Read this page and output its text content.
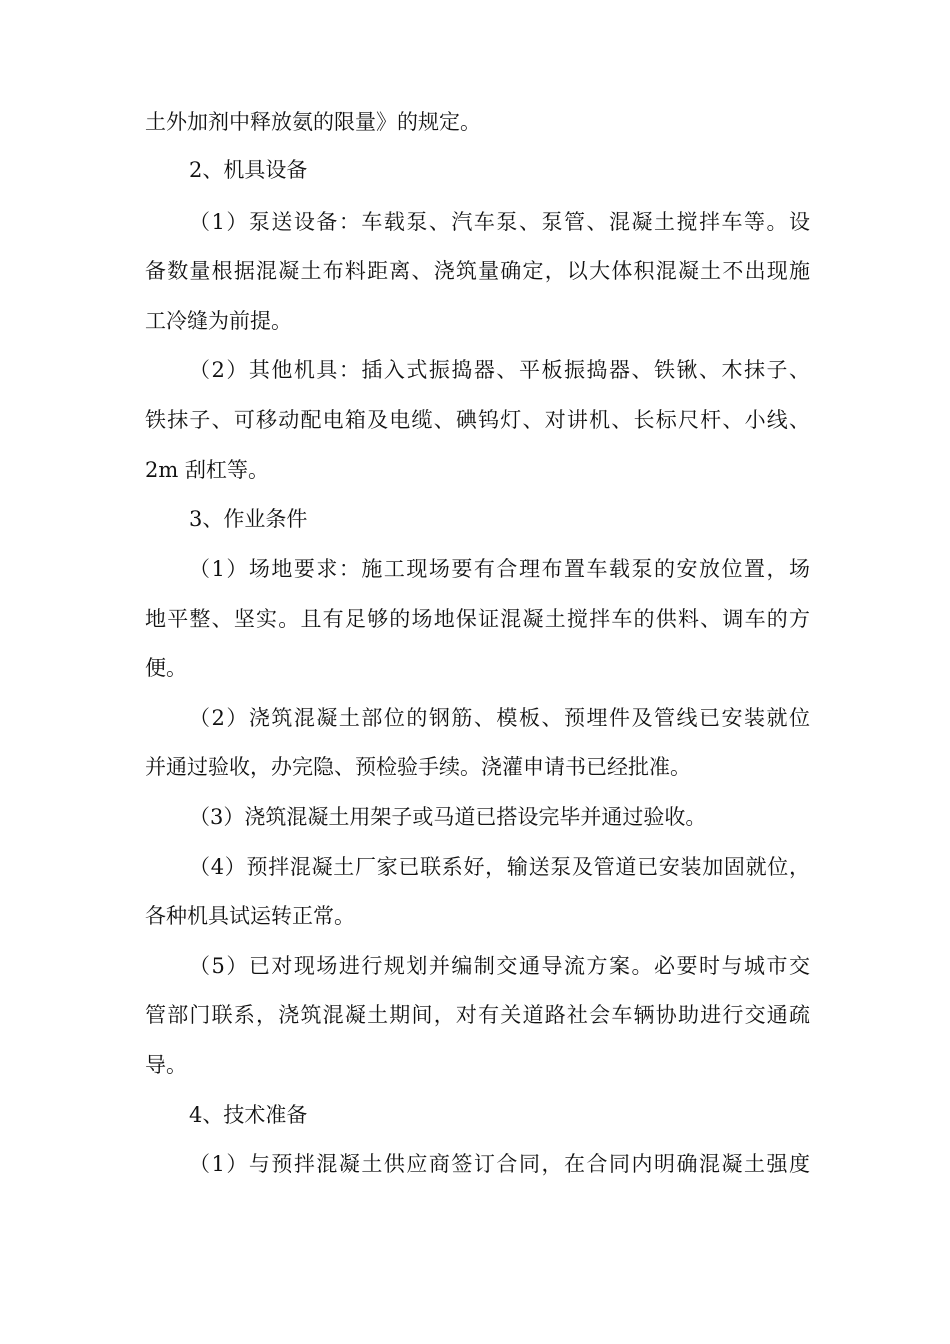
土外加剂中释放氨的限量》的规定。
2、机具设备
（1）泵送设备：车载泵、汽车泵、泵管、混凝土搅拌车等。设
备数量根据混凝土布料距离、浇筑量确定，以大体积混凝土不出现施
工冷缝为前提。
（2）其他机具：插入式振捣器、平板振捣器、铁锹、木抹子、
铁抹子、可移动配电箱及电缆、碘钨灯、对讲机、长标尺杆、小线、
2m 刮杠等。
3、作业条件
（1）场地要求：施工现场要有合理布置车载泵的安放位置，场
地平整、坚实。且有足够的场地保证混凝土搅拌车的供料、调车的方
便。
（2）浇筑混凝土部位的钢筋、模板、预埋件及管线已安装就位
并通过验收，办完隐、预检验手续。浇灌申请书已经批准。
（3）浇筑混凝土用架子或马道已搭设完毕并通过验收。
（4）预拌混凝土厂家已联系好，输送泵及管道已安装加固就位，
各种机具试运转正常。
（5）已对现场进行规划并编制交通导流方案。必要时与城市交
管部门联系，浇筑混凝土期间，对有关道路社会车辆协助进行交通疏
导。
4、技术准备
（1）与预拌混凝土供应商签订合同，在合同内明确混凝土强度
